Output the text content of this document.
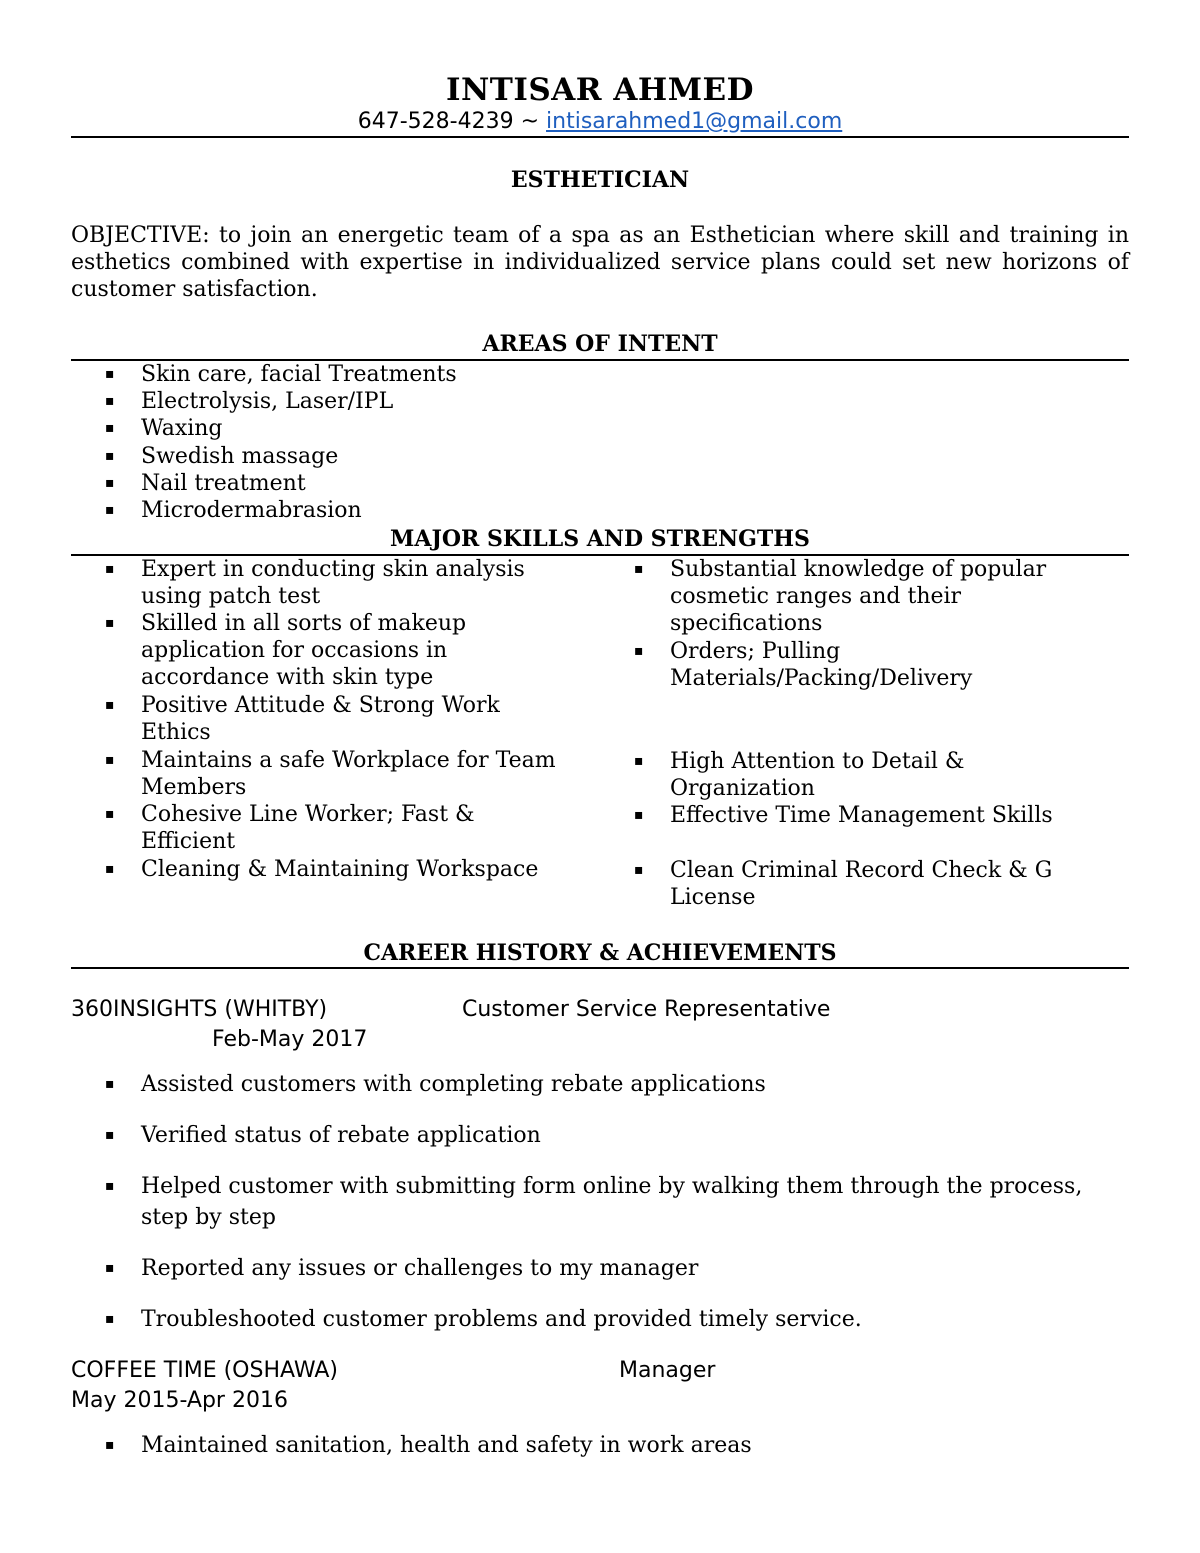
INTISAR AHMED
647-528-4239 ~ intisarahmed1@gmail.com
ESTHETICIAN
OBJECTIVE: to join an energetic team of a spa as an Esthetician where skill and training in esthetics combined with expertise in individualized service plans could set new horizons of customer satisfaction.
AREAS OF INTENT
▪ Skin care, facial Treatments
▪ Electrolysis, Laser/IPL
▪ Waxing
▪ Swedish massage
▪ Nail treatment
▪ Microdermabrasion
MAJOR SKILLS AND STRENGTHS
▪ Expert in conducting skin analysis using patch test
▪ Skilled in all sorts of makeup application for occasions in accordance with skin type
▪ Positive Attitude & Strong Work Ethics
▪ Maintains a safe Workplace for Team Members
▪ Cohesive Line Worker; Fast & Efficient
▪ Cleaning & Maintaining Workspace
▪ Substantial knowledge of popular cosmetic ranges and their specifications
▪ Orders; Pulling Materials/Packing/Delivery
▪ High Attention to Detail & Organization
▪ Effective Time Management Skills
▪ Clean Criminal Record Check & G License
CAREER HISTORY & ACHIEVEMENTS
360INSIGHTS (WHITBY)	Customer Service Representative
Feb-May 2017
▪ Assisted customers with completing rebate applications
▪ Verified status of rebate application
▪ Helped customer with submitting form online by walking them through the process, step by step
▪ Reported any issues or challenges to my manager
▪ Troubleshooted customer problems and provided timely service.
COFFEE TIME (OSHAWA)	Manager
May 2015-Apr 2016
▪ Maintained sanitation, health and safety in work areas
